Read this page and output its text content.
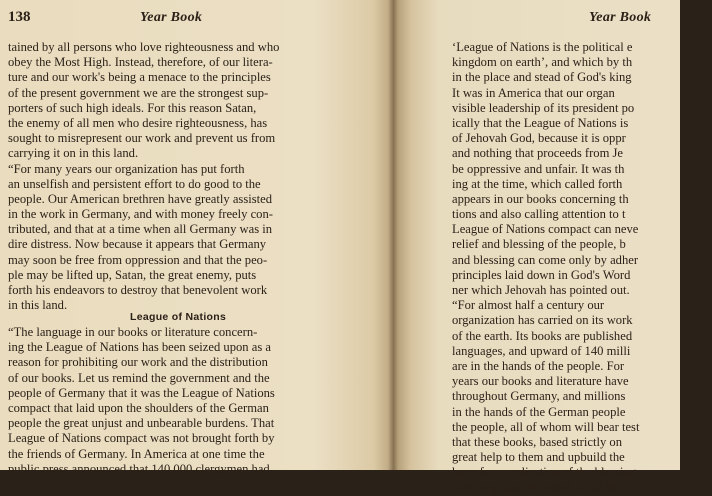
138	Year Book
tained by all persons who love righteousness and who
obey the Most High. Instead, therefore, of our litera-
ture and our work's being a menace to the principles
of the present government we are the strongest sup-
porters of such high ideals. For this reason Satan,
the enemy of all men who desire righteousness, has
sought to misrepresent our work and prevent us from
carrying it on in this land.
“For many years our organization has put forth
an unselfish and persistent effort to do good to the
people. Our American brethren have greatly assisted
in the work in Germany, and with money freely con-
tributed, and that at a time when all Germany was in
dire distress. Now because it appears that Germany
may soon be free from oppression and that the peo-
ple may be lifted up, Satan, the great enemy, puts
forth his endeavors to destroy that benevolent work
in this land.
League of Nations
“The language in our books or literature concern-
ing the League of Nations has been seized upon as a
reason for prohibiting our work and the distribution
of our books. Let us remind the government and the
people of Germany that it was the League of Nations
compact that laid upon the shoulders of the German
people the great unjust and unbearable burdens. That
League of Nations compact was not brought forth by
the friends of Germany. In America at one time the
public press announced that 140,000 clergymen had
Year Book
‘League of Nations is the political e
kingdom on earth’, and which by th
in the place and stead of God's king
It was in America that our organ
visible leadership of its president po
ically that the League of Nations is
of Jehovah God, because it is oppr
and nothing that proceeds from Je
be oppressive and unfair. It was th
ing at the time, which called forth
appears in our books concerning th
tions and also calling attention to t
League of Nations compact can neve
relief and blessing of the people, b
and blessing can come only by adher
principles laid down in God's Word
ner which Jehovah has pointed out.
“For almost half a century our
organization has carried on its work
of the earth. Its books are published
languages, and upward of 140 milli
are in the hands of the people. For
years our books and literature have
throughout Germany, and millions
in the hands of the German people
the people, all of whom will bear test
that these books, based strictly on
great help to them and upbuild the
hope for a realization of the blessing
God long ago promised. In all th
